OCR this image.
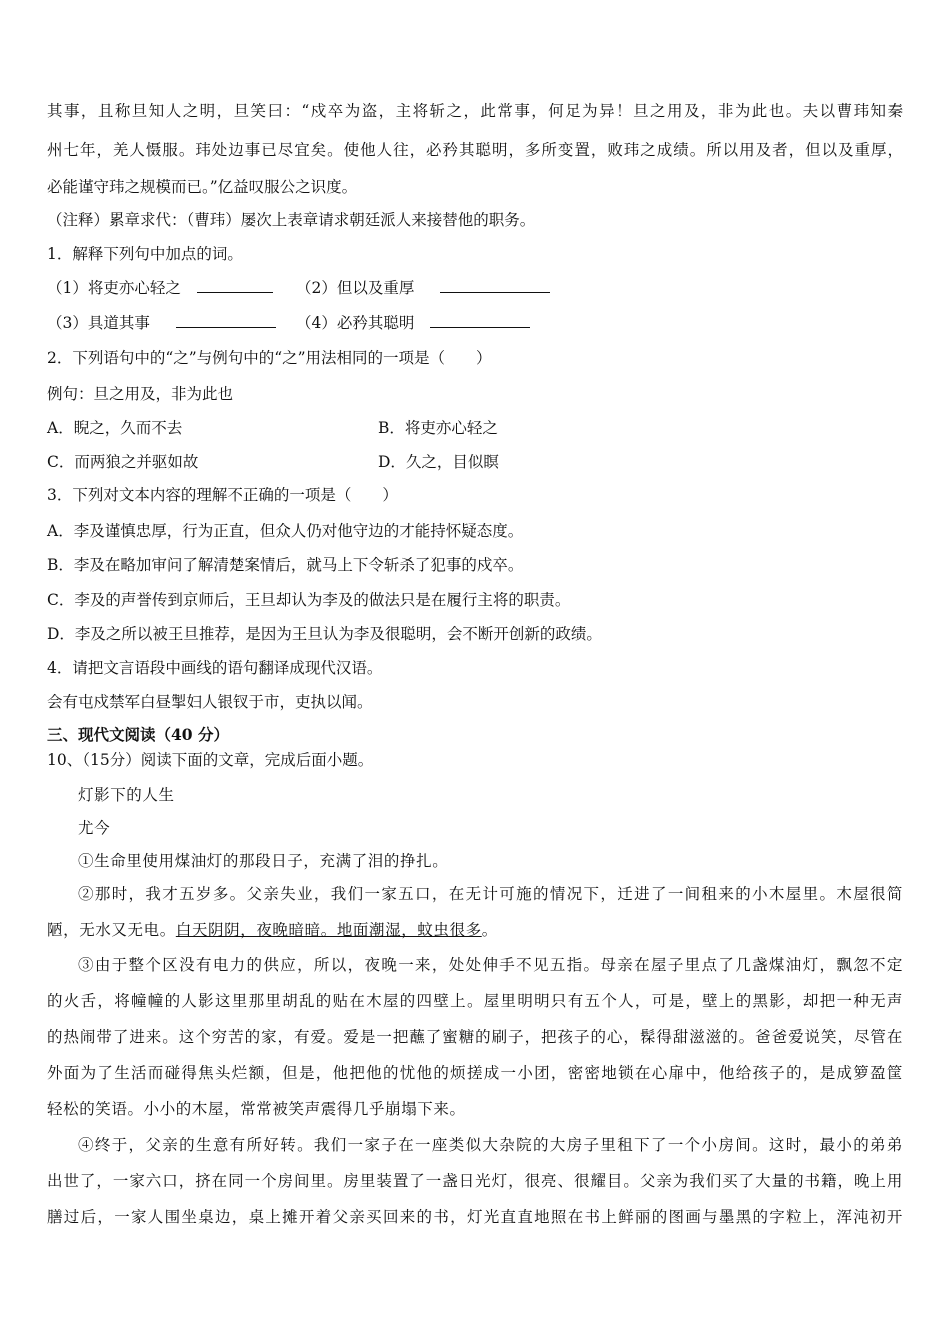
其事，且称旦知人之明，旦笑曰：“戍卒为盗，主将斩之，此常事，何足为异！旦之用及，非为此也。夫以曹玮知秦
州七年，羌人慑服。玮处边事已尽宜矣。使他人往，必矜其聪明，多所变置，败玮之成绩。所以用及者，但以及重厚，
必能谨守玮之规模而已。”亿益叹服公之识度。
（注释）累章求代：（曹玮）屡次上表章请求朝廷派人来接替他的职务。
1．解释下列句中加点的词。
（1）将吏亦心轻之	（2）但以及重厚
（3）具道其事	（4）必矜其聪明
2．下列语句中的“之”与例句中的“之”用法相同的一项是（　　）
例句：旦之用及，非为此也
A．睨之，久而不去	B．将吏亦心轻之
C．而两狼之并驱如故	D．久之，目似瞑
3．下列对文本内容的理解不正确的一项是（　　）
A．李及谨慎忠厚，行为正直，但众人仍对他守边的才能持怀疑态度。
B．李及在略加审问了解清楚案情后，就马上下令斩杀了犯事的戍卒。
C．李及的声誉传到京师后，王旦却认为李及的做法只是在履行主将的职责。
D．李及之所以被王旦推荐，是因为王旦认为李及很聪明，会不断开创新的政绩。
4．请把文言语段中画线的语句翻译成现代汉语。
会有屯戍禁军白昼掣妇人银钗于市，吏执以闻。
三、现代文阅读（40 分）
10、（15分）阅读下面的文章，完成后面小题。
灯影下的人生
尤今
①生命里使用煤油灯的那段日子，充满了泪的挣扎。
②那时，我才五岁多。父亲失业，我们一家五口，在无计可施的情况下，迁进了一间租来的小木屋里。木屋很简
陋，无水又无电。白天阴阴，夜晚暗暗。地面潮湿，蚊虫很多。
③由于整个区没有电力的供应，所以，夜晚一来，处处伸手不见五指。母亲在屋子里点了几盏煤油灯，飘忽不定
的火舌，将幢幢的人影这里那里胡乱的贴在木屋的四壁上。屋里明明只有五个人，可是，壁上的黑影，却把一种无声
的热闹带了进来。这个穷苦的家，有爱。爱是一把蘸了蜜糖的刷子，把孩子的心，髹得甜滋滋的。爸爸爱说笑，尽管在
外面为了生活而碰得焦头烂额，但是，他把他的忧他的烦搓成一小团，密密地锁在心扉中，他给孩子的，是成箩盈筐
轻松的笑语。小小的木屋，常常被笑声震得几乎崩塌下来。
④终于，父亲的生意有所好转。我们一家子在一座类似大杂院的大房子里租下了一个小房间。这时，最小的弟弟
出世了，一家六口，挤在同一个房间里。房里装置了一盏日光灯，很亮、很耀目。父亲为我们买了大量的书籍，晚上用
膳过后，一家人围坐桌边，桌上摊开着父亲买回来的书，灯光直直地照在书上鲜丽的图画与墨黑的字粒上，浑沌初开
